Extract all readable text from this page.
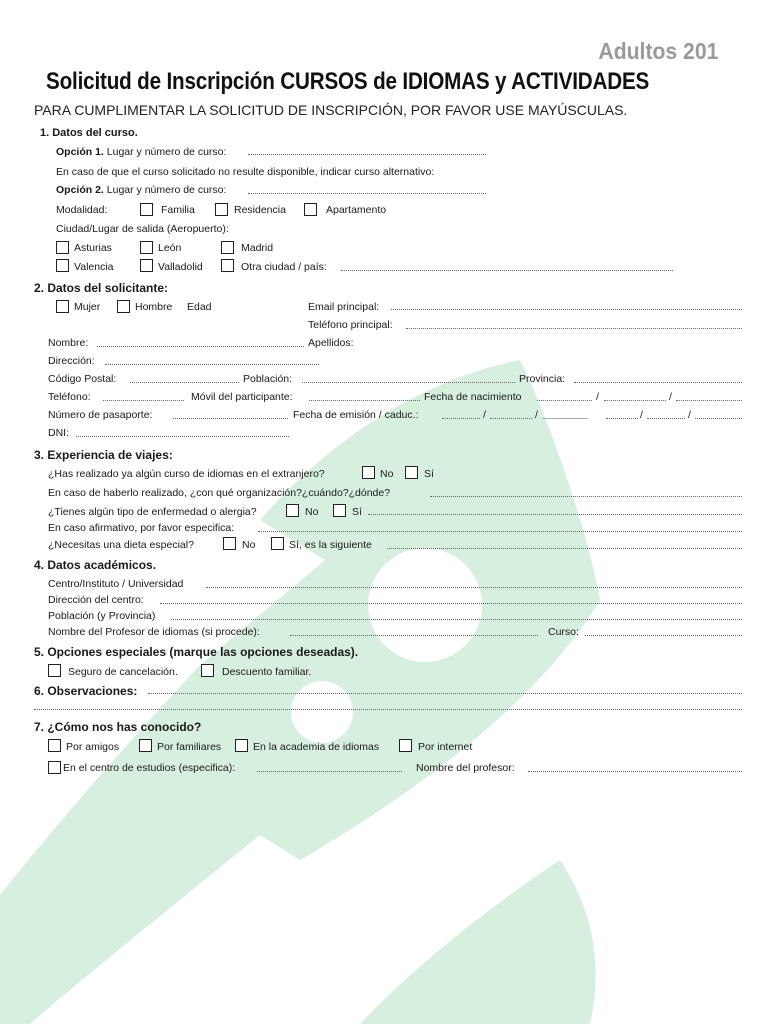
Adultos 201
Solicitud de Inscripción CURSOS de IDIOMAS y ACTIVIDADES
PARA CUMPLIMENTAR LA SOLICITUD DE INSCRIPCIÓN, POR FAVOR USE MAYÚSCULAS.
1. Datos del curso.
Opción 1. Lugar y número de curso:
En caso de que el curso solicitado no resulte disponible, indicar curso alternativo:
Opción 2. Lugar y número de curso:
Modalidad:	Familia	Residencia	Apartamento
Ciudad/Lugar de salida (Aeropuerto):
Asturias	León	Madrid
Valencia	Valladolid	Otra ciudad / país:
2. Datos del solicitante:
Mujer	Hombre Edad	Email principal:
Teléfono principal:
Nombre:	Apellidos:
Dirección:
Código Postal:	Población:	Provincia:
Teléfono:	Móvil del participante:	Fecha de nacimiento	/	/
Número de pasaporte:	Fecha de emisión / caduc.:	/	/	/	/
DNI:
3. Experiencia de viajes:
¿Has realizado ya algún curso de idiomas en el extranjero?	No	Sí
En caso de haberlo realizado, ¿con qué organización?¿cuándo?¿dónde?
¿Tienes algún tipo de enfermedad o alergia?	No	Sí
En caso afirmativo, por favor especifica:
¿Necesitas una dieta especial?	No	Sí, es la siguiente
4. Datos académicos.
Centro/Instituto / Universidad
Dirección del centro:
Población (y Provincia)
Nombre del Profesor de idiomas (si procede):	Curso:
5. Opciones especiales (marque las opciones deseadas).
Seguro de cancelación.	Descuento familiar.
6. Observaciones:
7. ¿Cómo nos has conocido?
Por amigos	Por familiares	En la academia de idiomas	Por internet
En el centro de estudios (especifica):	Nombre del profesor:
